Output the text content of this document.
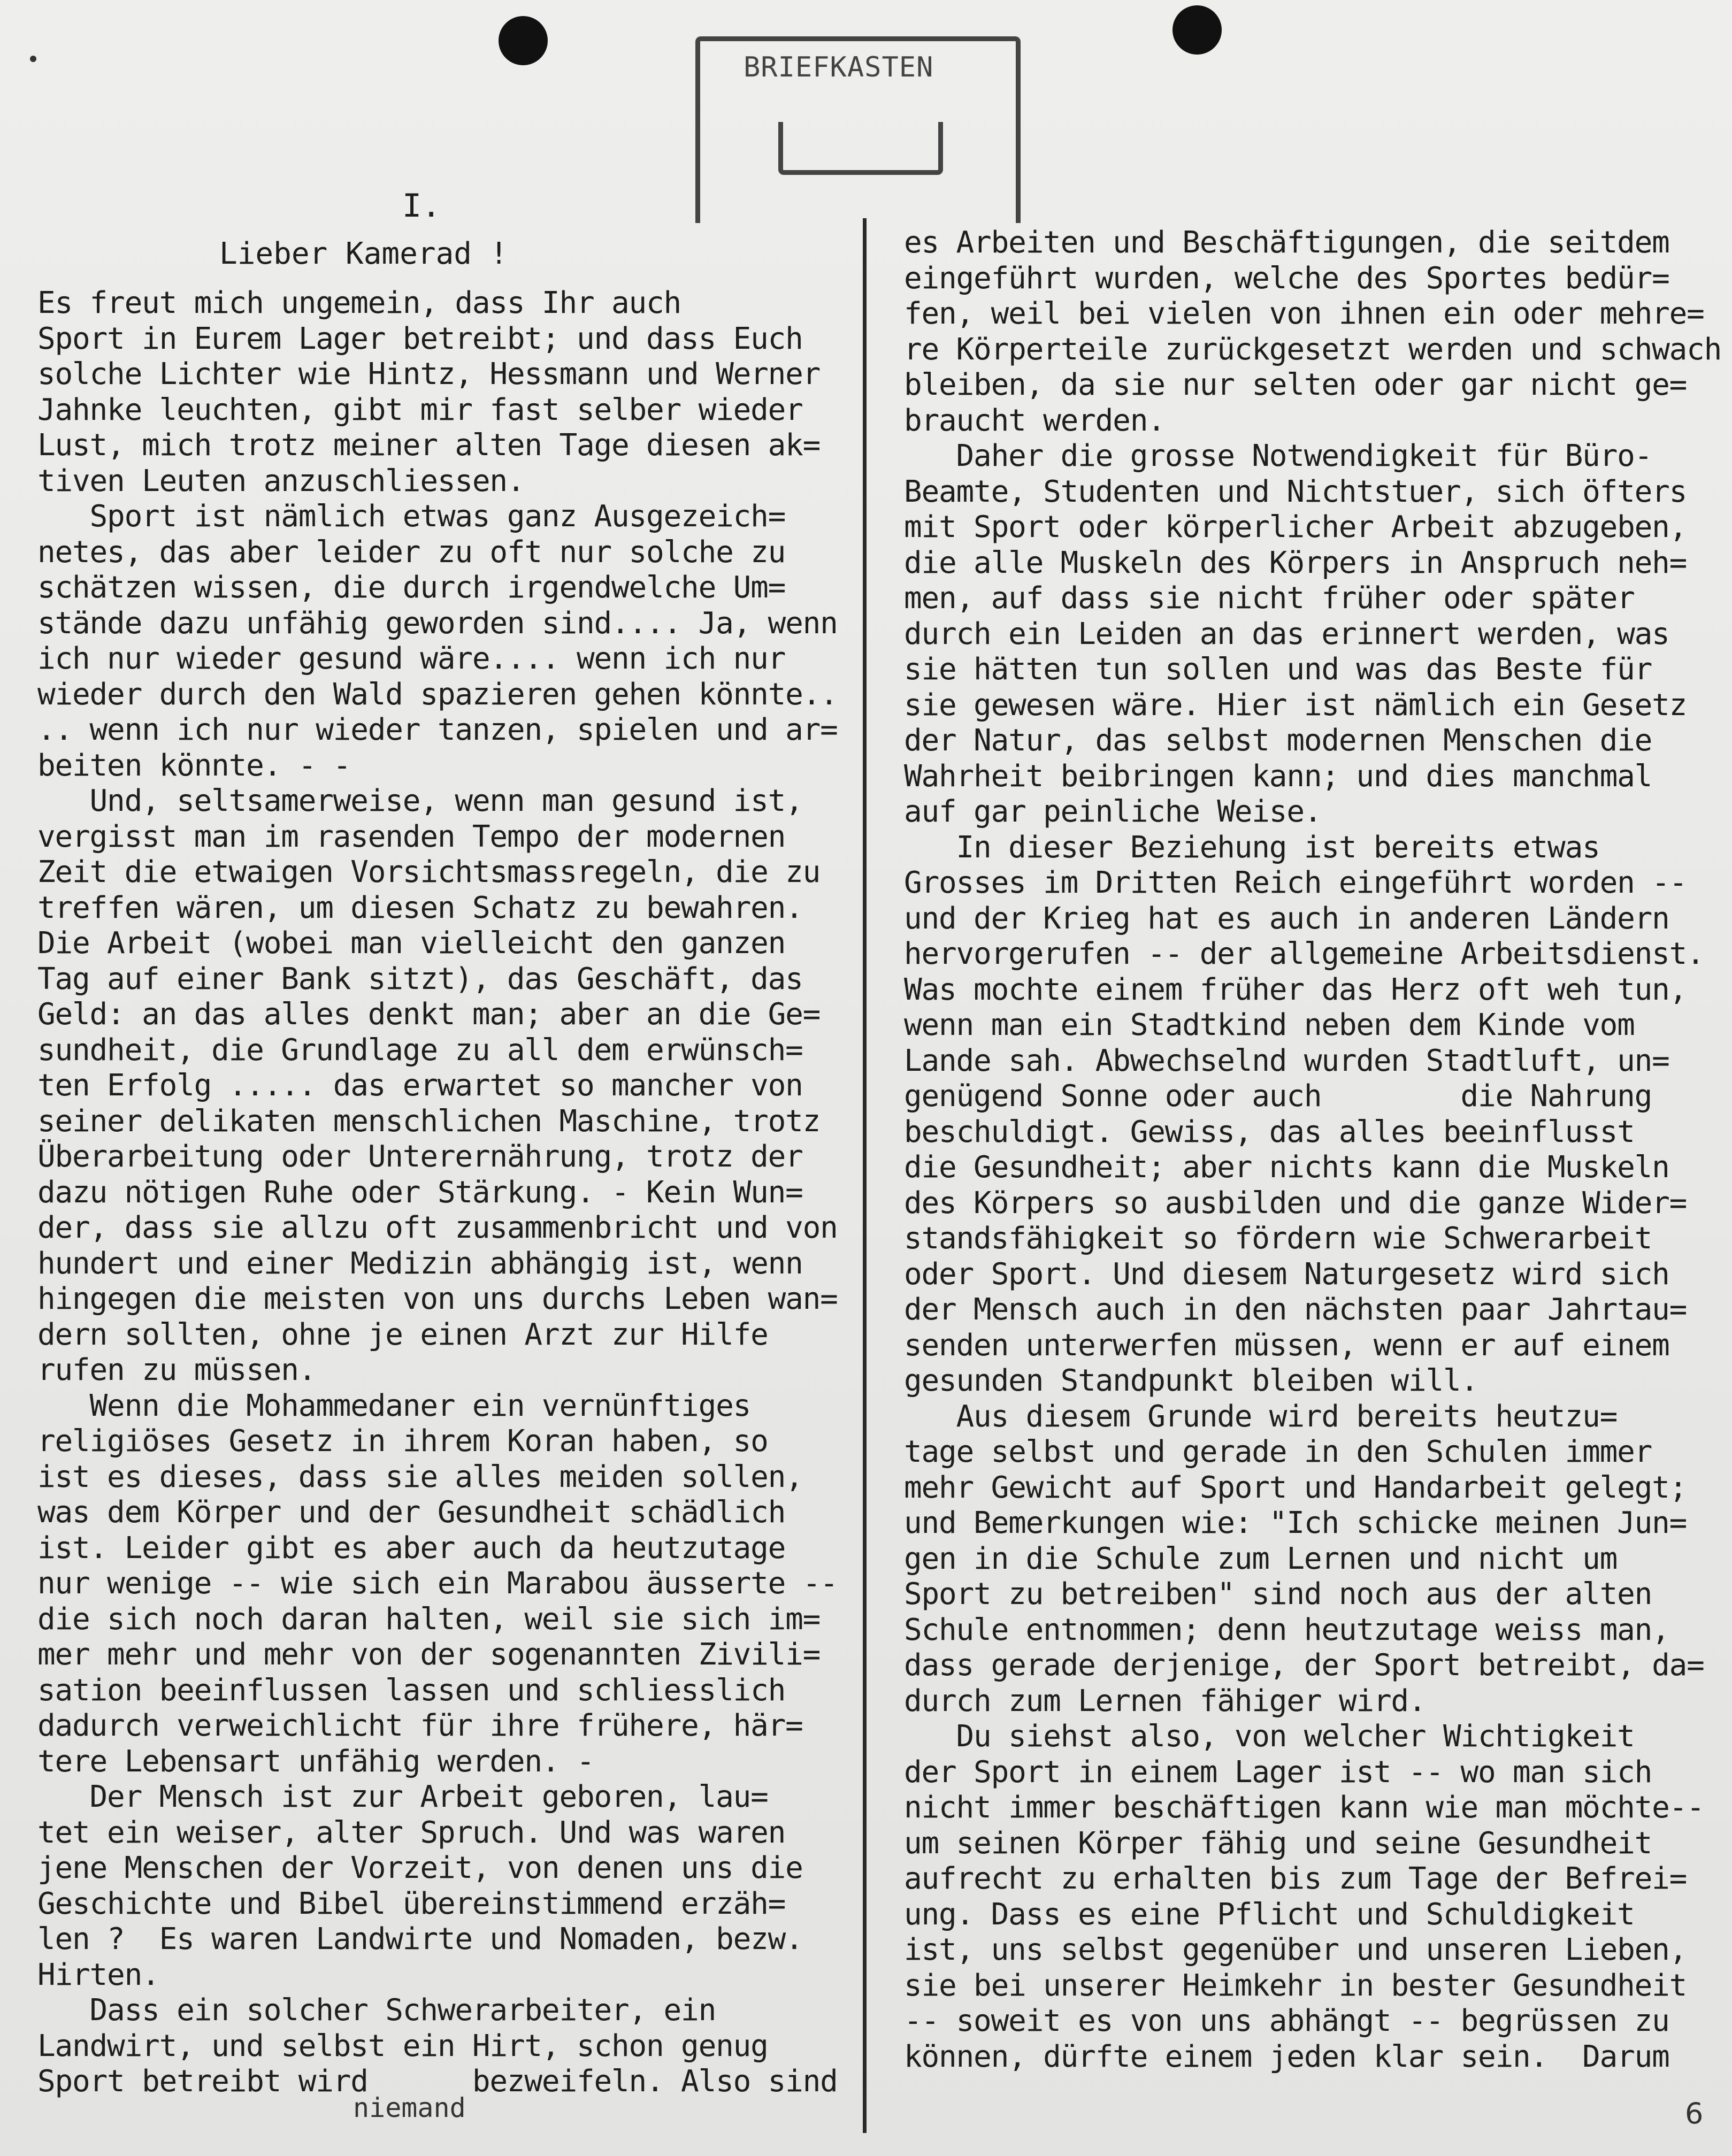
BRIEFKASTEN
I.
Lieber Kamerad !
Es freut mich ungemein, dass Ihr auch
Sport in Eurem Lager betreibt; und dass Euch
solche Lichter wie Hintz, Hessmann und Werner
Jahnke leuchten, gibt mir fast selber wieder
Lust, mich trotz meiner alten Tage diesen ak=
tiven Leuten anzuschliessen.
Sport ist nämlich etwas ganz Ausgezeich=
netes, das aber leider zu oft nur solche zu
schätzen wissen, die durch irgendwelche Um=
stände dazu unfähig geworden sind.... Ja, wenn
ich nur wieder gesund wäre.... wenn ich nur
wieder durch den Wald spazieren gehen könnte..
.. wenn ich nur wieder tanzen, spielen und ar=
beiten könnte. - -
Und, seltsamerweise, wenn man gesund ist,
vergisst man im rasenden Tempo der modernen
Zeit die etwaigen Vorsichtsmassregeln, die zu
treffen wären, um diesen Schatz zu bewahren.
Die Arbeit (wobei man vielleicht den ganzen
Tag auf einer Bank sitzt), das Geschäft, das
Geld: an das alles denkt man; aber an die Ge=
sundheit, die Grundlage zu all dem erwünsch=
ten Erfolg ..... das erwartet so mancher von
seiner delikaten menschlichen Maschine, trotz
Überarbeitung oder Unterernährung, trotz der
dazu nötigen Ruhe oder Stärkung. - Kein Wun=
der, dass sie allzu oft zusammenbricht und von
hundert und einer Medizin abhängig ist, wenn
hingegen die meisten von uns durchs Leben wan=
dern sollten, ohne je einen Arzt zur Hilfe
rufen zu müssen.
Wenn die Mohammedaner ein vernünftiges
religiöses Gesetz in ihrem Koran haben, so
ist es dieses, dass sie alles meiden sollen,
was dem Körper und der Gesundheit schädlich
ist. Leider gibt es aber auch da heutzutage
nur wenige -- wie sich ein Marabou äusserte --
die sich noch daran halten, weil sie sich im=
mer mehr und mehr von der sogenannten Zivili=
sation beeinflussen lassen und schliesslich
dadurch verweichlicht für ihre frühere, här=
tere Lebensart unfähig werden. -
Der Mensch ist zur Arbeit geboren, lau=
tet ein weiser, alter Spruch. Und was waren
jene Menschen der Vorzeit, von denen uns die
Geschichte und Bibel übereinstimmend erzäh=
len ?  Es waren Landwirte und Nomaden, bezw.
Hirten.
Dass ein solcher Schwerarbeiter, ein
Landwirt, und selbst ein Hirt, schon genug
Sport betreibt wird      bezweifeln. Also sind
es Arbeiten und Beschäftigungen, die seitdem
eingeführt wurden, welche des Sportes bedür=
fen, weil bei vielen von ihnen ein oder mehre=
re Körperteile zurückgesetzt werden und schwach
bleiben, da sie nur selten oder gar nicht ge=
braucht werden.
Daher die grosse Notwendigkeit für Büro-
Beamte, Studenten und Nichtstuer, sich öfters
mit Sport oder körperlicher Arbeit abzugeben,
die alle Muskeln des Körpers in Anspruch neh=
men, auf dass sie nicht früher oder später
durch ein Leiden an das erinnert werden, was
sie hätten tun sollen und was das Beste für
sie gewesen wäre. Hier ist nämlich ein Gesetz
der Natur, das selbst modernen Menschen die
Wahrheit beibringen kann; und dies manchmal
auf gar peinliche Weise.
In dieser Beziehung ist bereits etwas
Grosses im Dritten Reich eingeführt worden --
und der Krieg hat es auch in anderen Ländern
hervorgerufen -- der allgemeine Arbeitsdienst.
Was mochte einem früher das Herz oft weh tun,
wenn man ein Stadtkind neben dem Kinde vom
Lande sah. Abwechselnd wurden Stadtluft, un=
genügend Sonne oder auch        die Nahrung
beschuldigt. Gewiss, das alles beeinflusst
die Gesundheit; aber nichts kann die Muskeln
des Körpers so ausbilden und die ganze Wider=
standsfähigkeit so fördern wie Schwerarbeit
oder Sport. Und diesem Naturgesetz wird sich
der Mensch auch in den nächsten paar Jahrtau=
senden unterwerfen müssen, wenn er auf einem
gesunden Standpunkt bleiben will.
Aus diesem Grunde wird bereits heutzu=
tage selbst und gerade in den Schulen immer
mehr Gewicht auf Sport und Handarbeit gelegt;
und Bemerkungen wie: "Ich schicke meinen Jun=
gen in die Schule zum Lernen und nicht um
Sport zu betreiben" sind noch aus der alten
Schule entnommen; denn heutzutage weiss man,
dass gerade derjenige, der Sport betreibt, da=
durch zum Lernen fähiger wird.
Du siehst also, von welcher Wichtigkeit
der Sport in einem Lager ist -- wo man sich
nicht immer beschäftigen kann wie man möchte--
um seinen Körper fähig und seine Gesundheit
aufrecht zu erhalten bis zum Tage der Befrei=
ung. Dass es eine Pflicht und Schuldigkeit
ist, uns selbst gegenüber und unseren Lieben,
sie bei unserer Heimkehr in bester Gesundheit
-- soweit es von uns abhängt -- begrüssen zu
können, dürfte einem jeden klar sein.  Darum
niemand	6
